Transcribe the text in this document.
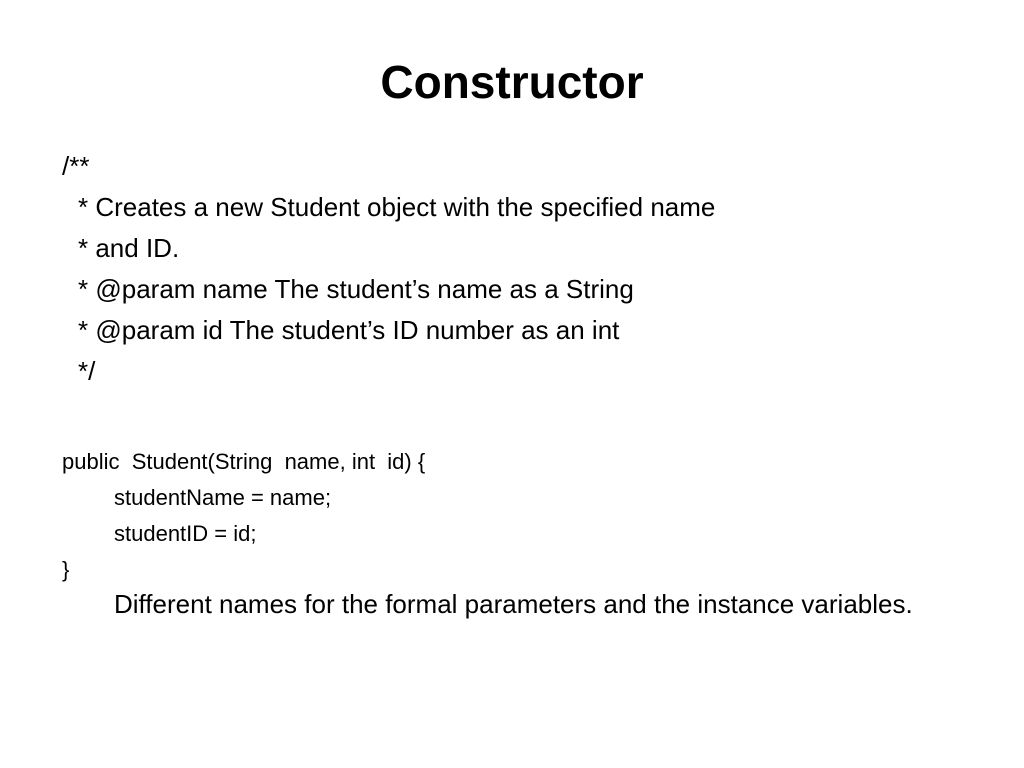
Constructor
/**
* Creates a new Student object with the specified name
* and ID.
* @param name The student’s name as a String
* @param id The student’s ID number as an int
*/
public  Student(String  name, int  id) {
studentName = name;
studentID = id;
}

Different names for the formal parameters and the instance variables.
